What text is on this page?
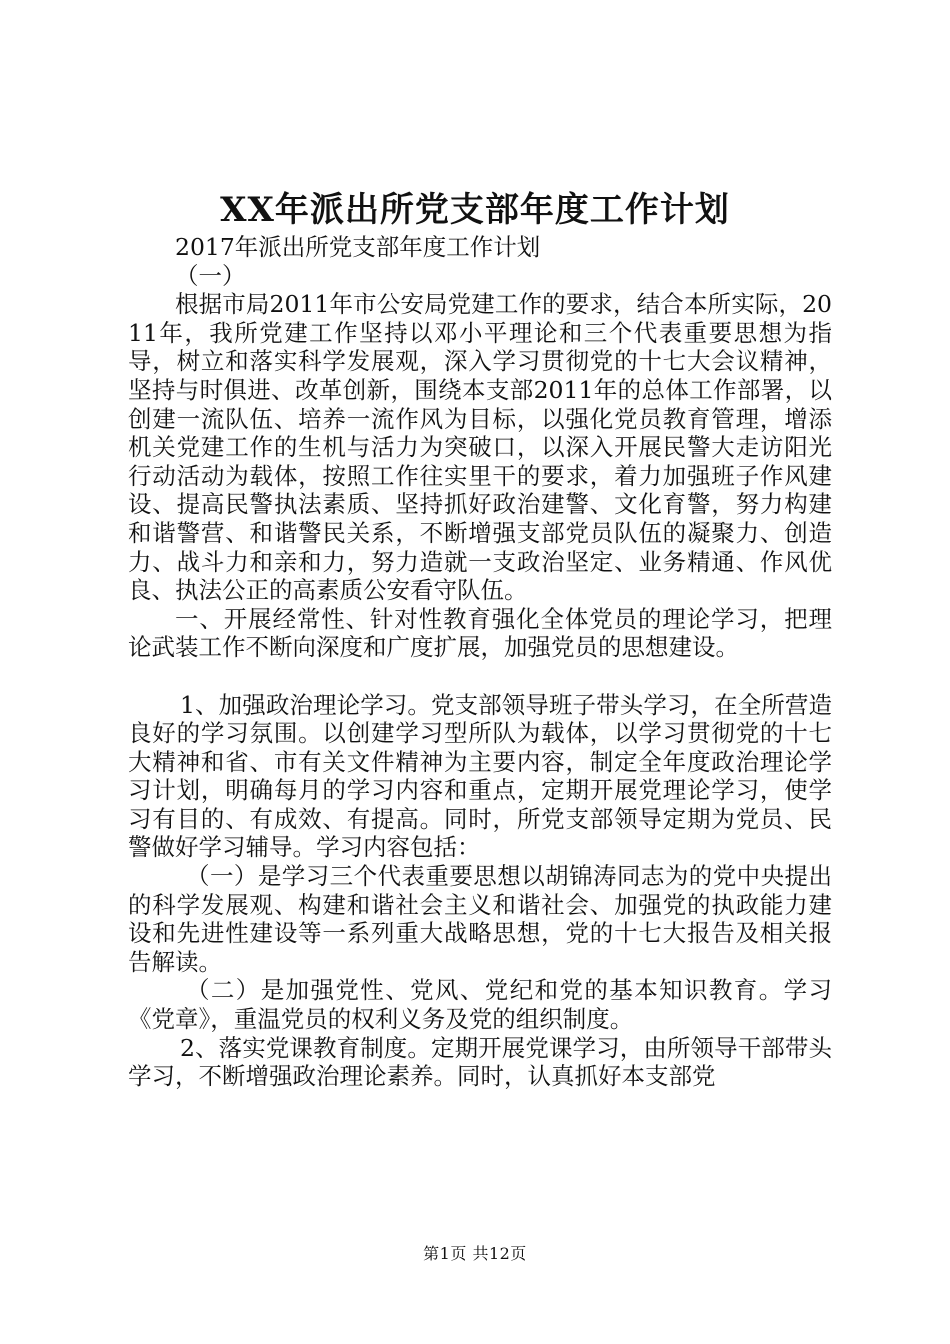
XX年派出所党支部年度工作计划

2017年派出所党支部年度工作计划

（一）

根据市局2011年市公安局党建工作的要求，结合本所实际，2011年，我所党建工作坚持以邓小平理论和三个代表重要思想为指导，树立和落实科学发展观，深入学习贯彻党的十七大会议精神，坚持与时俱进、改革创新，围绕本支部2011年的总体工作部署，以创建一流队伍、培养一流作风为目标，以强化党员教育管理，增添机关党建工作的生机与活力为突破口，以深入开展民警大走访阳光行动活动为载体，按照工作往实里干的要求，着力加强班子作风建设、提高民警执法素质、坚持抓好政治建警、文化育警，努力构建和谐警营、和谐警民关系，不断增强支部党员队伍的凝聚力、创造力、战斗力和亲和力，努力造就一支政治坚定、业务精通、作风优良、执法公正的高素质公安看守队伍。

一、开展经常性、针对性教育强化全体党员的理论学习，把理论武装工作不断向深度和广度扩展，加强党员的思想建设。

1、加强政治理论学习。党支部领导班子带头学习，在全所营造良好的学习氛围。以创建学习型所队为载体，以学习贯彻党的十七大精神和省、市有关文件精神为主要内容，制定全年度政治理论学习计划，明确每月的学习内容和重点，定期开展党理论学习，使学习有目的、有成效、有提高。同时，所党支部领导定期为党员、民警做好学习辅导。学习内容包括：

（一）是学习三个代表重要思想以胡锦涛同志为的党中央提出的科学发展观、构建和谐社会主义和谐社会、加强党的执政能力建设和先进性建设等一系列重大战略思想，党的十七大报告及相关报告解读。

（二）是加强党性、党风、党纪和党的基本知识教育。学习《党章》，重温党员的权利义务及党的组织制度。

2、落实党课教育制度。定期开展党课学习，由所领导干部带头学习，不断增强政治理论素养。同时，认真抓好本支部党

第1页 共12页
